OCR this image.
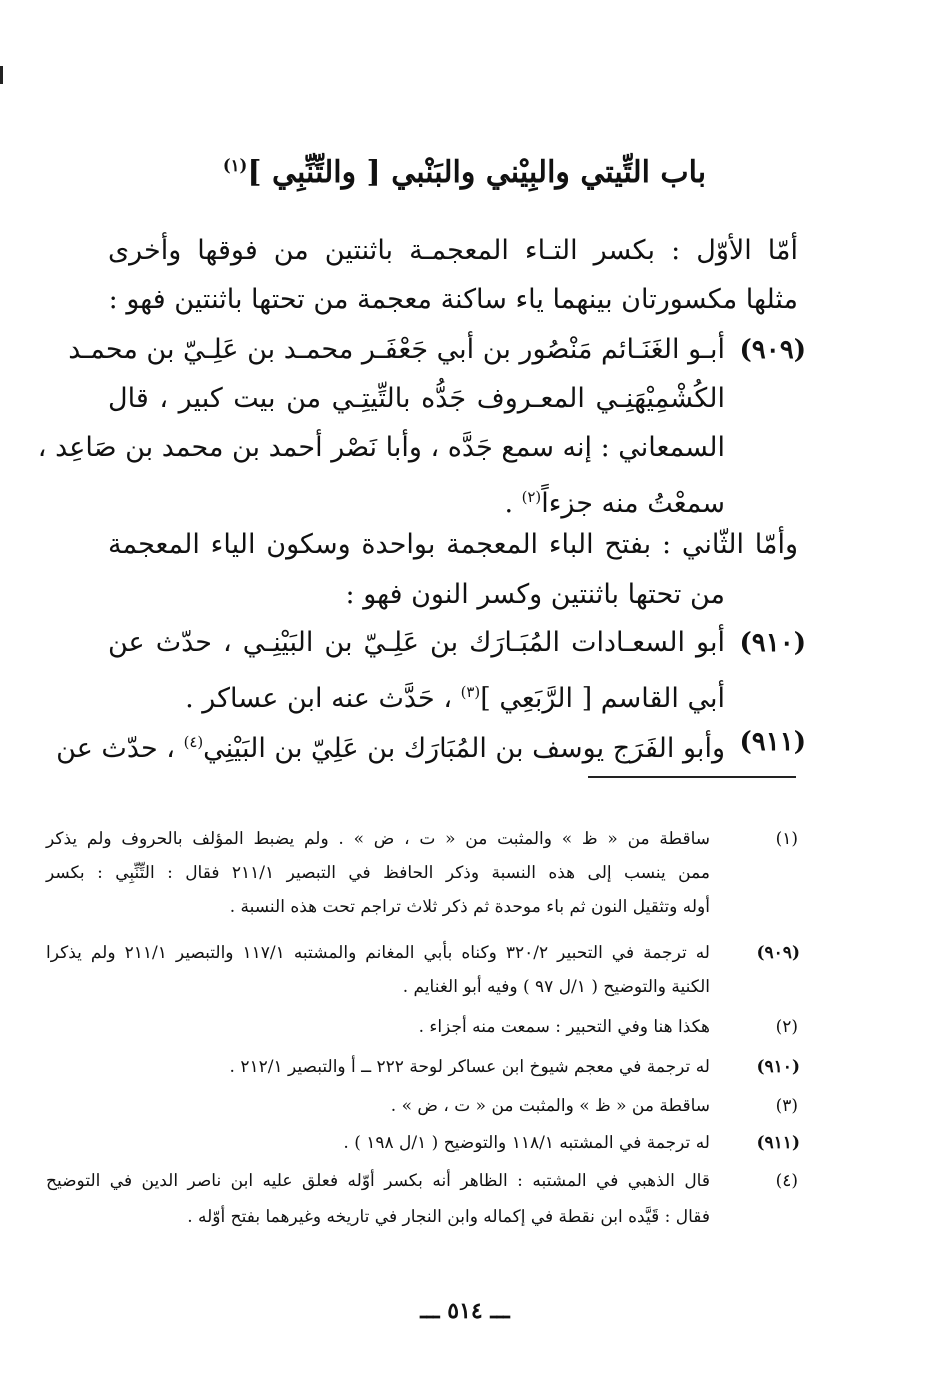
باب التِّيتي والبِيْني والبَنْبي [ والتِّنِّبِي ]$^{(١)}$
أمّا الأوّل : بكسر التـاء المعجمـة باثنتين من فوقها وأخرى
مثلها مكسورتان بينهما ياء ساكنة معجمة من تحتها باثنتين فهو :
(٩٠٩)
أبـو الغَنَـائم مَنْصُور بن أبي جَعْفَـر محمـد بن عَلِـيّ بن محمـد
الكُشْمِيْهَنِـي المعـروف جَدُّه بالتِّيتِـي من بيت كبير ، قال
السمعاني : إنه سمع جَدَّه ، وأبا نَصْر أحمد بن محمد بن صَاعِد ،
سمعْتُ منه جزءاً$^{(٢)}$ .
وأمّا الثّاني : بفتح الباء المعجمة بواحدة وسكون الياء المعجمة
من تحتها باثنتين وكسر النون فهو :
(٩١٠)
أبو السعـادات المُبَـارَك بن عَلِـيّ بن البَيْنِـي ، حدّث عن
أبي القاسم [ الرَّبَعِي ]$^{(٣)}$ ، حَدَّث عنه ابن عساكر .
(٩١١)
وأبو الفَرَج يوسف بن المُبَارَك بن عَلِيّ بن البَيْنِي$^{(٤)}$ ، حدّث عن
(١)
ساقطة من « ظ » والمثبت من « ت ، ض » . ولم يضبط المؤلف بالحروف ولم يذكر
ممن ينسب إلى هذه النسبة وذكر الحافظ في التبصير ٢١١/١ فقال : التِّنِّبِي : بكسر
أوله وتثقيل النون ثم باء موحدة ثم ذكر ثلاث تراجم تحت هذه النسبة .
(٩٠٩)
له ترجمة في التحبير ٣٢٠/٢ وكناه بأبي المغانم والمشتبه ١١٧/١ والتبصير ٢١١/١ ولم يذكرا
الكنية والتوضيح ( ١/ل ٩٧ ) وفيه أبو الغنايم .
(٢)
هكذا هنا وفي التحبير : سمعت منه أجزاء .
(٩١٠)
له ترجمة في معجم شيوخ ابن عساكر لوحة ٢٢٢ ــ أ والتبصير ٢١٢/١ .
(٣)
ساقطة من « ظ » والمثبت من « ت ، ض » .
(٩١١)
له ترجمة في المشتبه ١١٨/١ والتوضيح ( ١/ل ١٩٨ ) .
(٤)
قال الذهبي في المشتبه : الظاهر أنه بكسر أوّله فعلق عليه ابن ناصر الدين في التوضيح
فقال : قَيَّده ابن نقطة في إكماله وابن النجار في تاريخه وغيرهما بفتح أوّله .
ـــ ٥١٤ ـــ
